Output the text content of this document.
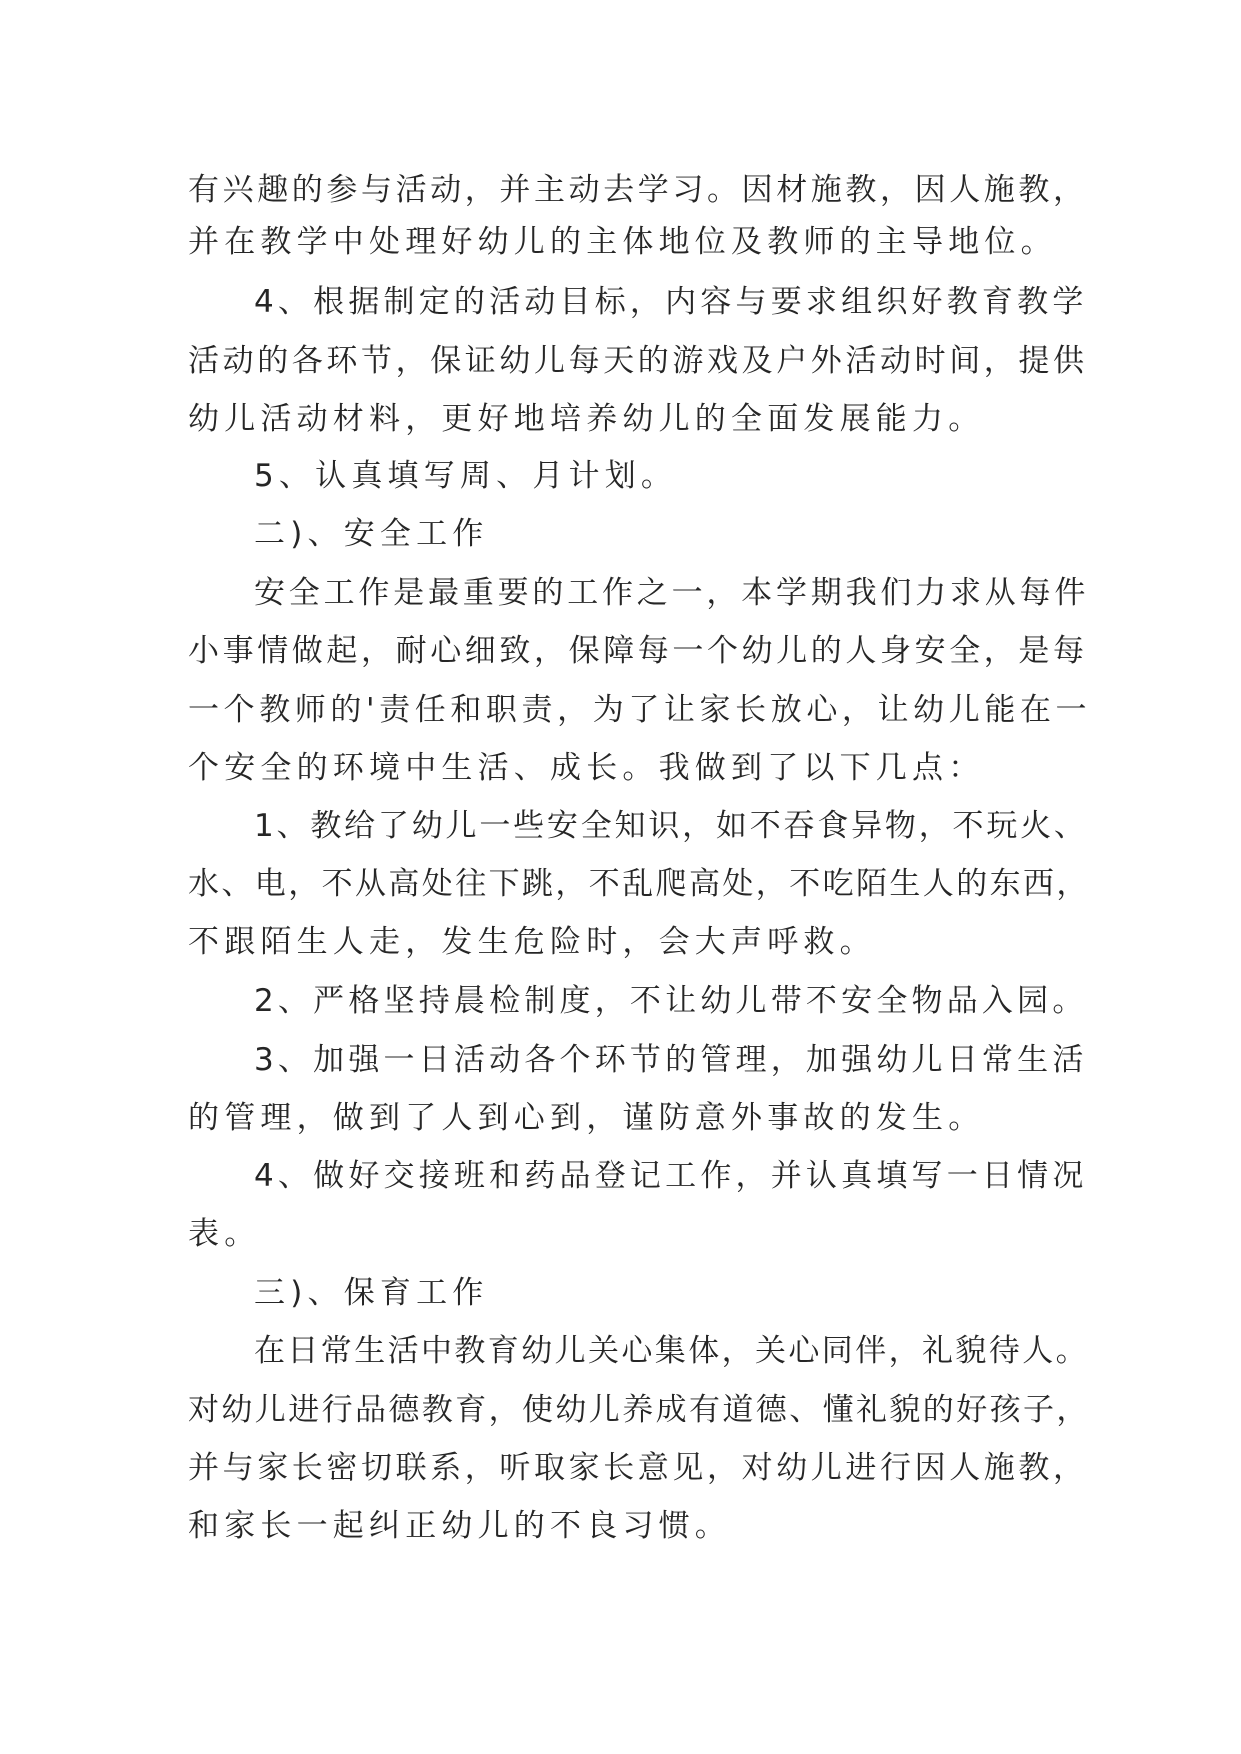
有兴趣的参与活动，并主动去学习。因材施教，因人施教，
并在教学中处理好幼儿的主体地位及教师的主导地位。
4、根据制定的活动目标，内容与要求组织好教育教学
活动的各环节，保证幼儿每天的游戏及户外活动时间，提供
幼儿活动材料，更好地培养幼儿的全面发展能力。
5、认真填写周、月计划。
二)、安全工作
安全工作是最重要的工作之一，本学期我们力求从每件
小事情做起，耐心细致，保障每一个幼儿的人身安全，是每
一个教师的'责任和职责，为了让家长放心，让幼儿能在一
个安全的环境中生活、成长。我做到了以下几点：
1、教给了幼儿一些安全知识，如不吞食异物，不玩火、
水、电，不从高处往下跳，不乱爬高处，不吃陌生人的东西，
不跟陌生人走，发生危险时，会大声呼救。
2、严格坚持晨检制度，不让幼儿带不安全物品入园。
3、加强一日活动各个环节的管理，加强幼儿日常生活
的管理，做到了人到心到，谨防意外事故的发生。
4、做好交接班和药品登记工作，并认真填写一日情况
表。
三)、保育工作
在日常生活中教育幼儿关心集体，关心同伴，礼貌待人。
对幼儿进行品德教育，使幼儿养成有道德、懂礼貌的好孩子，
并与家长密切联系，听取家长意见，对幼儿进行因人施教，
和家长一起纠正幼儿的不良习惯。
